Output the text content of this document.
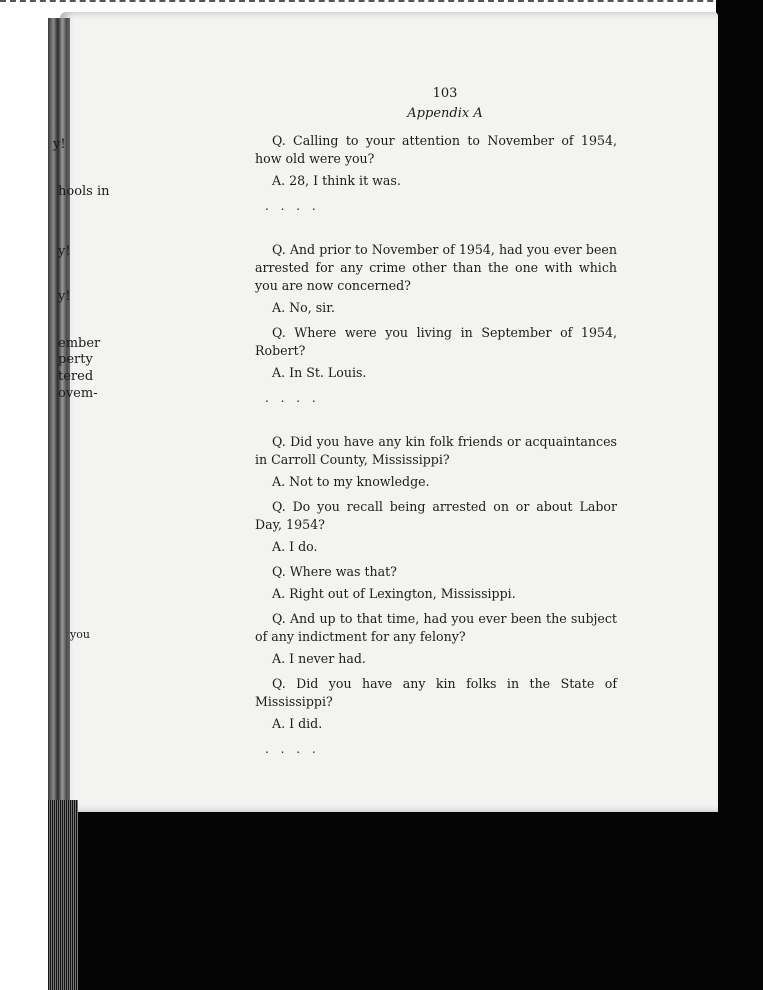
y!
hools in
y!
y!
ember
perty
tered
ovem-
you
103
Appendix A
Q. Calling to your attention to November of 1954, how old were you?
A. 28, I think it was.
. . . .
Q. And prior to November of 1954, had you ever been arrested for any crime other than the one with which you are now concerned?
A. No, sir.
Q. Where were you living in September of 1954, Robert?
A. In St. Louis.
. . . .
Q. Did you have any kin folk friends or acquaintances in Carroll County, Mississippi?
A. Not to my knowledge.
Q. Do you recall being arrested on or about Labor Day, 1954?
A. I do.
Q. Where was that?
A. Right out of Lexington, Mississippi.
Q. And up to that time, had you ever been the subject of any indictment for any felony?
A. I never had.
Q. Did you have any kin folks in the State of Mississippi?
A. I did.
. . . .
